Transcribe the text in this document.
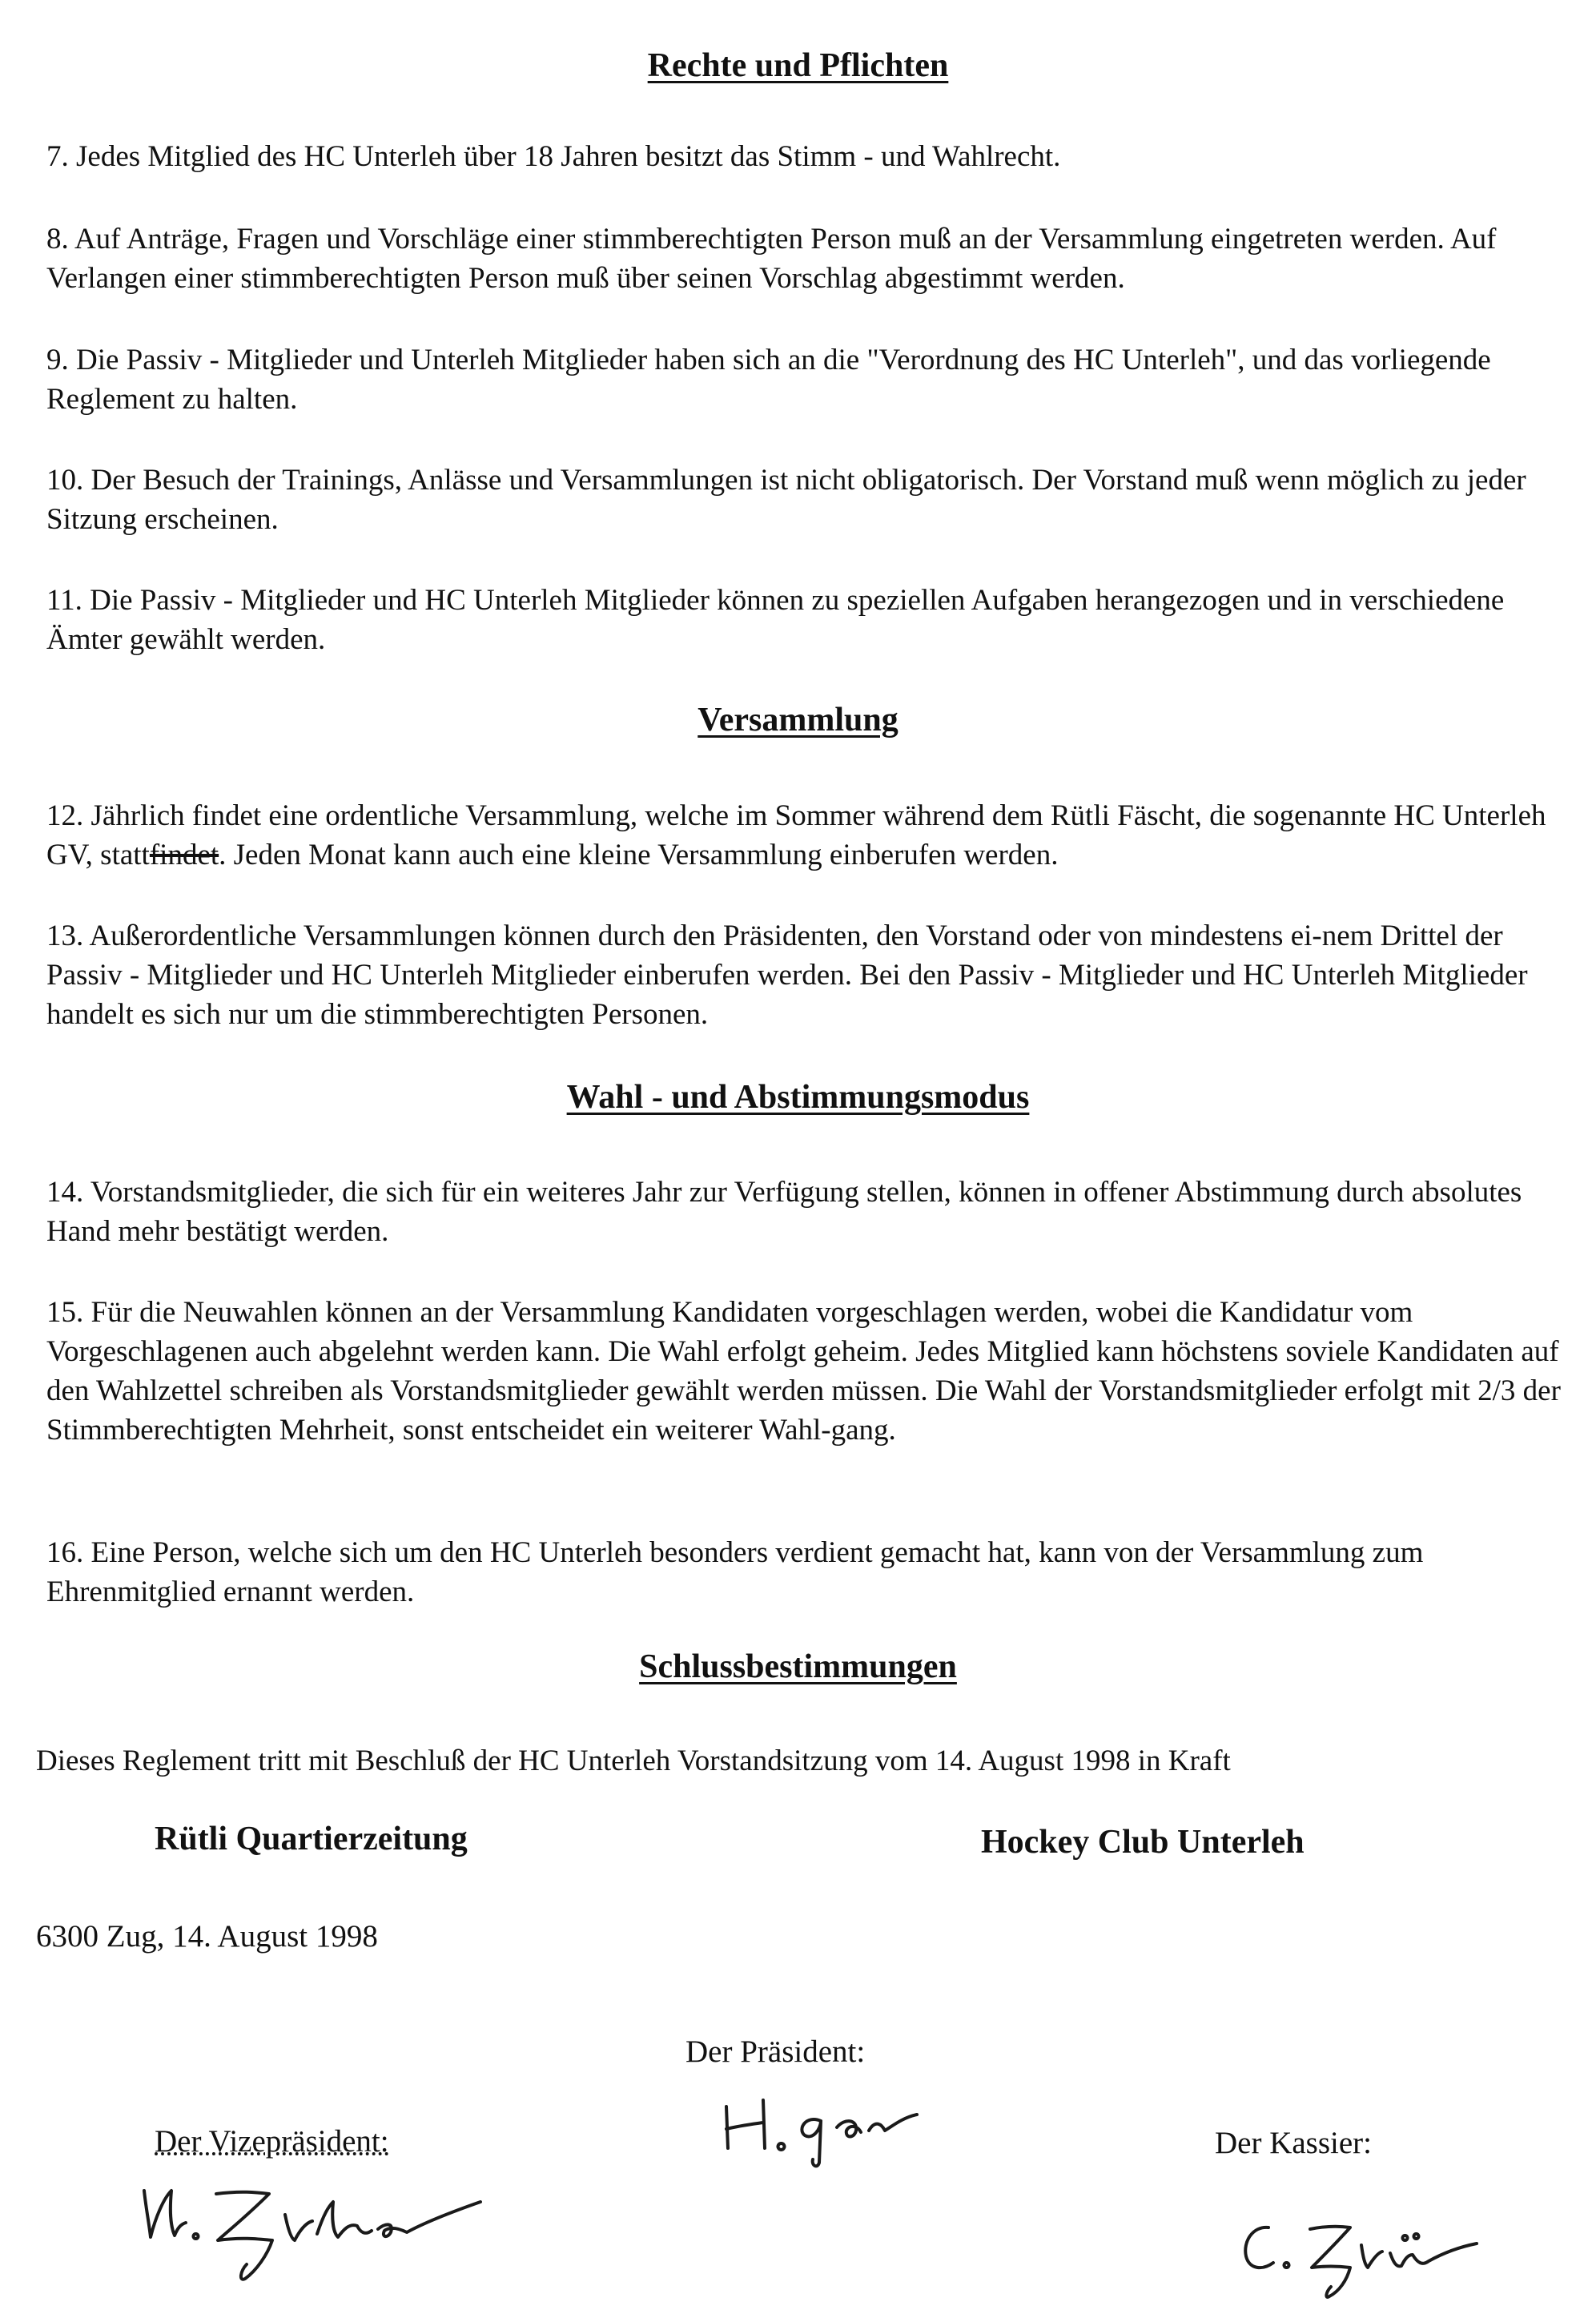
Rechte und Pflichten

7. Jedes Mitglied des HC Unterleh über 18 Jahren besitzt das Stimm - und Wahlrecht.

8. Auf Anträge, Fragen und Vorschläge einer stimmberechtigten Person muß an der Versammlung eingetreten werden. Auf Verlangen einer stimmberechtigten Person muß über seinen Vorschlag abgestimmt werden.

9. Die Passiv - Mitglieder und Unterleh Mitglieder haben sich an die "Verordnung des HC Unterleh", und das vorliegende Reglement zu halten.

10. Der Besuch der Trainings, Anlässe und Versammlungen ist nicht obligatorisch. Der Vorstand muß wenn möglich zu jeder Sitzung erscheinen.

11. Die Passiv - Mitglieder und HC Unterleh Mitglieder können zu speziellen Aufgaben herangezogen und in verschiedene Ämter gewählt werden.

Versammlung

12. Jährlich findet eine ordentliche Versammlung, welche im Sommer während dem Rütli Fäscht, die sogenannte HC Unterleh GV, stattfindet. Jeden Monat kann auch eine kleine Versammlung einberufen werden.

13. Außerordentliche Versammlungen können durch den Präsidenten, den Vorstand oder von mindestens ei-nem Drittel der Passiv - Mitglieder und HC Unterleh Mitglieder einberufen werden. Bei den Passiv - Mitglieder und HC Unterleh Mitglieder handelt es sich nur um die stimmberechtigten Personen.

Wahl - und Abstimmungsmodus

14. Vorstandsmitglieder, die sich für ein weiteres Jahr zur Verfügung stellen, können in offener Abstimmung durch absolutes Hand mehr bestätigt werden.

15. Für die Neuwahlen können an der Versammlung Kandidaten vorgeschlagen werden, wobei die Kandidatur vom Vorgeschlagenen auch abgelehnt werden kann. Die Wahl erfolgt geheim. Jedes Mitglied kann höchstens soviele Kandidaten auf den Wahlzettel schreiben als Vorstandsmitglieder gewählt werden müssen. Die Wahl der Vorstandsmitglieder erfolgt mit 2/3 der Stimmberechtigten Mehrheit, sonst entscheidet ein weiterer Wahl-gang.

16. Eine Person, welche sich um den HC Unterleh besonders verdient gemacht hat, kann von der Versammlung zum Ehrenmitglied ernannt werden.

Schlussbestimmungen
Dieses Reglement tritt mit Beschluß der HC Unterleh Vorstandsitzung vom 14. August 1998 in Kraft
Rütli Quartierzeitung	Hockey Club Unterleh
6300 Zug, 14. August 1998
Der Präsident:
Der Vizepräsident:	Der Kassier:
